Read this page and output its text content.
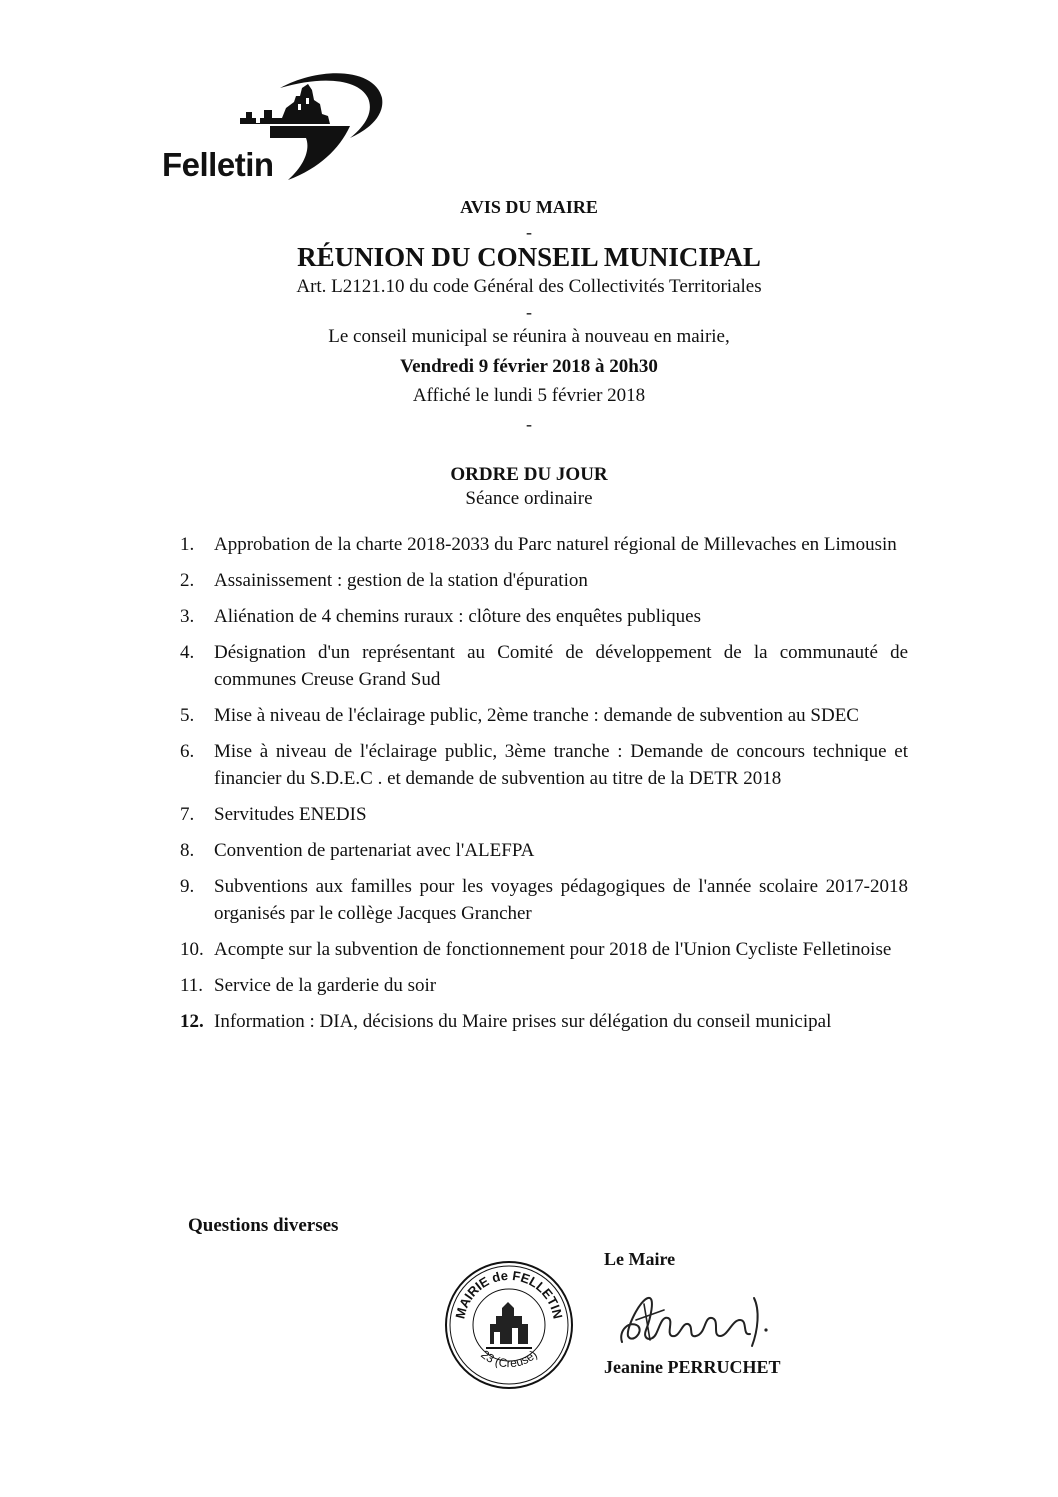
Felletin
AVIS DU MAIRE
-
RÉUNION DU CONSEIL MUNICIPAL
Art. L2121.10 du code Général des Collectivités Territoriales
-
Le conseil municipal se réunira à nouveau en mairie,
Vendredi 9 février 2018 à 20h30
Affiché le lundi 5 février 2018
-
ORDRE DU JOUR
Séance ordinaire
1. Approbation de la charte 2018-2033 du Parc naturel régional de Millevaches en Limousin
2. Assainissement : gestion de la station d'épuration
3. Aliénation de 4 chemins ruraux : clôture des enquêtes publiques
4. Désignation d'un représentant au Comité de développement de la communauté de communes Creuse Grand Sud
5. Mise à niveau de l'éclairage public, 2ème tranche : demande de subvention au SDEC
6. Mise à niveau de l'éclairage public, 3ème tranche : Demande de concours technique et financier du S.D.E.C . et demande de subvention au titre de la DETR 2018
7. Servitudes ENEDIS
8. Convention de partenariat avec l'ALEFPA
9. Subventions aux familles pour les voyages pédagogiques de l'année scolaire 2017-2018 organisés par le collège Jacques Grancher
10. Acompte sur la subvention de fonctionnement pour 2018 de l'Union Cycliste Felletinoise
11. Service de la garderie du soir
12. Information : DIA, décisions du Maire prises sur délégation du conseil municipal
Questions diverses
Le Maire
MAIRIE de FELLETIN
23 (Creuse)
Jeanine PERRUCHET
